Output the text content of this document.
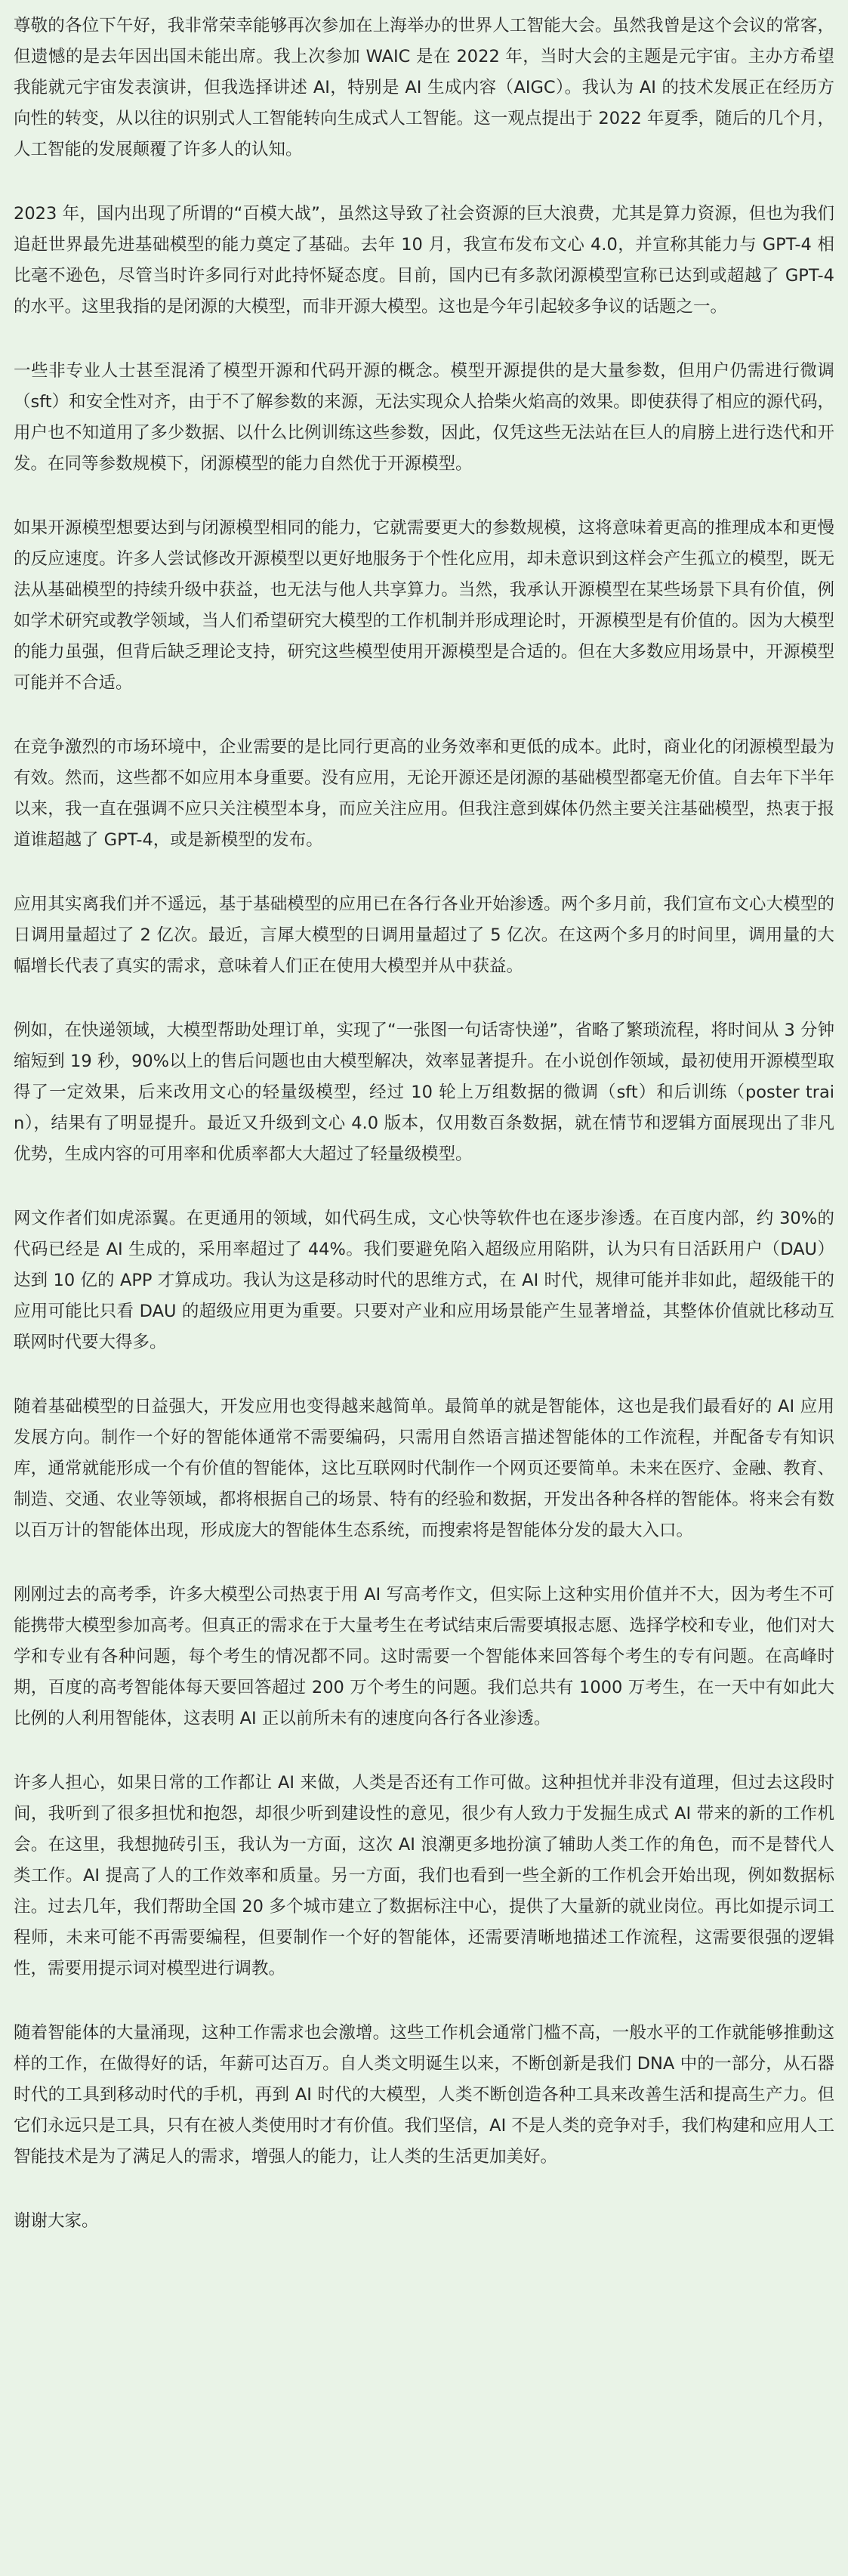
尊敬的各位下午好，我非常荣幸能够再次参加在上海举办的世界人工智能大会。虽然我曾是这个会议的常客，但遗憾的是去年因出国未能出席。我上次参加 WAIC 是在 2022 年，当时大会的主题是元宇宙。主办方希望我能就元宇宙发表演讲，但我选择讲述 AI，特别是 AI 生成内容（AIGC）。我认为 AI 的技术发展正在经历方向性的转变，从以往的识别式人工智能转向生成式人工智能。这一观点提出于 2022 年夏季，随后的几个月，人工智能的发展颠覆了许多人的认知。

2023 年，国内出现了所谓的“百模大战”，虽然这导致了社会资源的巨大浪费，尤其是算力资源，但也为我们追赶世界最先进基础模型的能力奠定了基础。去年 10 月，我宣布发布文心 4.0，并宣称其能力与 GPT-4 相比毫不逊色，尽管当时许多同行对此持怀疑态度。目前，国内已有多款闭源模型宣称已达到或超越了 GPT-4 的水平。这里我指的是闭源的大模型，而非开源大模型。这也是今年引起较多争议的话题之一。

一些非专业人士甚至混淆了模型开源和代码开源的概念。模型开源提供的是大量参数，但用户仍需进行微调（sft）和安全性对齐，由于不了解参数的来源，无法实现众人拾柴火焰高的效果。即使获得了相应的源代码，用户也不知道用了多少数据、以什么比例训练这些参数，因此，仅凭这些无法站在巨人的肩膀上进行迭代和开发。在同等参数规模下，闭源模型的能力自然优于开源模型。

如果开源模型想要达到与闭源模型相同的能力，它就需要更大的参数规模，这将意味着更高的推理成本和更慢的反应速度。许多人尝试修改开源模型以更好地服务于个性化应用，却未意识到这样会产生孤立的模型，既无法从基础模型的持续升级中获益，也无法与他人共享算力。当然，我承认开源模型在某些场景下具有价值，例如学术研究或教学领域，当人们希望研究大模型的工作机制并形成理论时，开源模型是有价值的。因为大模型的能力虽强，但背后缺乏理论支持，研究这些模型使用开源模型是合适的。但在大多数应用场景中，开源模型可能并不合适。

在竞争激烈的市场环境中，企业需要的是比同行更高的业务效率和更低的成本。此时，商业化的闭源模型最为有效。然而，这些都不如应用本身重要。没有应用，无论开源还是闭源的基础模型都毫无价值。自去年下半年以来，我一直在强调不应只关注模型本身，而应关注应用。但我注意到媒体仍然主要关注基础模型，热衷于报道谁超越了 GPT-4，或是新模型的发布。

应用其实离我们并不遥远，基于基础模型的应用已在各行各业开始渗透。两个多月前，我们宣布文心大模型的日调用量超过了 2 亿次。最近，言犀大模型的日调用量超过了 5 亿次。在这两个多月的时间里，调用量的大幅增长代表了真实的需求，意味着人们正在使用大模型并从中获益。

例如，在快递领域，大模型帮助处理订单，实现了“一张图一句话寄快递”，省略了繁琐流程，将时间从 3 分钟缩短到 19 秒，90%以上的售后问题也由大模型解决，效率显著提升。在小说创作领域，最初使用开源模型取得了一定效果，后来改用文心的轻量级模型，经过 10 轮上万组数据的微调（sft）和后训练（poster train），结果有了明显提升。最近又升级到文心 4.0 版本，仅用数百条数据，就在情节和逻辑方面展现出了非凡优势，生成内容的可用率和优质率都大大超过了轻量级模型。

网文作者们如虎添翼。在更通用的领域，如代码生成，文心快等软件也在逐步渗透。在百度内部，约 30%的代码已经是 AI 生成的，采用率超过了 44%。我们要避免陷入超级应用陷阱，认为只有日活跃用户（DAU）达到 10 亿的 APP 才算成功。我认为这是移动时代的思维方式，在 AI 时代，规律可能并非如此，超级能干的应用可能比只看 DAU 的超级应用更为重要。只要对产业和应用场景能产生显著增益，其整体价值就比移动互联网时代要大得多。

随着基础模型的日益强大，开发应用也变得越来越简单。最简单的就是智能体，这也是我们最看好的 AI 应用发展方向。制作一个好的智能体通常不需要编码，只需用自然语言描述智能体的工作流程，并配备专有知识库，通常就能形成一个有价值的智能体，这比互联网时代制作一个网页还要简单。未来在医疗、金融、教育、制造、交通、农业等领域，都将根据自己的场景、特有的经验和数据，开发出各种各样的智能体。将来会有数以百万计的智能体出现，形成庞大的智能体生态系统，而搜索将是智能体分发的最大入口。

刚刚过去的高考季，许多大模型公司热衷于用 AI 写高考作文，但实际上这种实用价值并不大，因为考生不可能携带大模型参加高考。但真正的需求在于大量考生在考试结束后需要填报志愿、选择学校和专业，他们对大学和专业有各种问题，每个考生的情况都不同。这时需要一个智能体来回答每个考生的专有问题。在高峰时期，百度的高考智能体每天要回答超过 200 万个考生的问题。我们总共有 1000 万考生，在一天中有如此大比例的人利用智能体，这表明 AI 正以前所未有的速度向各行各业渗透。

许多人担心，如果日常的工作都让 AI 来做，人类是否还有工作可做。这种担忧并非没有道理，但过去这段时间，我听到了很多担忧和抱怨，却很少听到建设性的意见，很少有人致力于发掘生成式 AI 带来的新的工作机会。在这里，我想抛砖引玉，我认为一方面，这次 AI 浪潮更多地扮演了辅助人类工作的角色，而不是替代人类工作。AI 提高了人的工作效率和质量。另一方面，我们也看到一些全新的工作机会开始出现，例如数据标注。过去几年，我们帮助全国 20 多个城市建立了数据标注中心，提供了大量新的就业岗位。再比如提示词工程师，未来可能不再需要编程，但要制作一个好的智能体，还需要清晰地描述工作流程，这需要很强的逻辑性，需要用提示词对模型进行调教。

随着智能体的大量涌现，这种工作需求也会激增。这些工作机会通常门槛不高，一般水平的工作就能够推動这样的工作，在做得好的话，年薪可达百万。自人类文明诞生以来，不断创新是我们 DNA 中的一部分，从石器时代的工具到移动时代的手机，再到 AI 时代的大模型，人类不断创造各种工具来改善生活和提高生产力。但它们永远只是工具，只有在被人类使用时才有价值。我们坚信，AI 不是人类的竞争对手，我们构建和应用人工智能技术是为了满足人的需求，增强人的能力，让人类的生活更加美好。

谢谢大家。
